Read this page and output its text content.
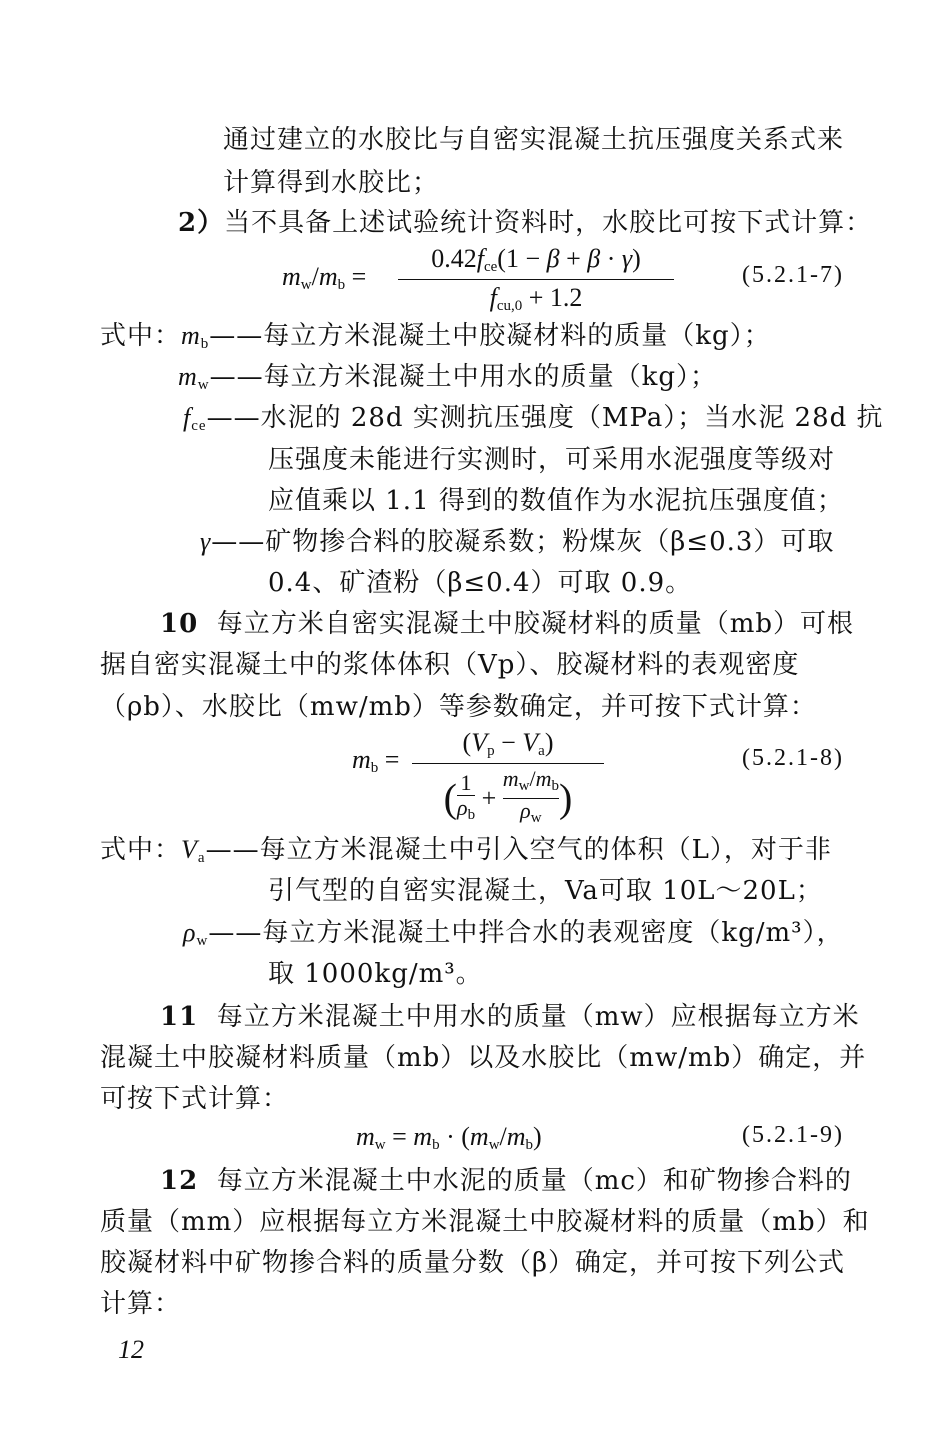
通过建立的水胶比与自密实混凝土抗压强度关系式来
计算得到水胶比；
2）当不具备上述试验统计资料时，水胶比可按下式计算：
$m_w/m_b$ =
$0.42f_{ce}(1 - \beta + \beta \cdot \gamma)$
$f_{cu,0} + 1.2$
(5.2.1-7)
式中：$m_b——$每立方米混凝土中胶凝材料的质量（kg）；
$m_w——$每立方米混凝土中用水的质量（kg）；
$f_{ce}——$水泥的 28d 实测抗压强度（MPa）；当水泥 28d 抗
压强度未能进行实测时，可采用水泥强度等级对
应值乘以 1.1 得到的数值作为水泥抗压强度值；
γ——矿物掺合料的胶凝系数；粉煤灰（β≤0.3）可取
0.4、矿渣粉（β≤0.4）可取 0.9。
10 每立方米自密实混凝土中胶凝材料的质量（mb）可根
据自密实混凝土中的浆体体积（Vp）、胶凝材料的表观密度
（ρb）、水胶比（mw/mb）等参数确定，并可按下式计算：
$m_b$ =
$(V_p - V_a)$
$(\frac{1}{\rho_b} + \frac{m_w/m_b}{\rho_w})$
(5.2.1-8)
式中：$V_a——$每立方米混凝土中引入空气的体积（L），对于非
引气型的自密实混凝土，Va可取 10L～20L；
$\rho_w——$每立方米混凝土中拌合水的表观密度（kg/m³），
取 1000kg/m³。
11 每立方米混凝土中用水的质量（mw）应根据每立方米
混凝土中胶凝材料质量（mb）以及水胶比（mw/mb）确定，并
可按下式计算：
$m_w = m_b \cdot (m_w/m_b)$	(5.2.1-9)
12 每立方米混凝土中水泥的质量（mc）和矿物掺合料的
质量（mm）应根据每立方米混凝土中胶凝材料的质量（mb）和
胶凝材料中矿物掺合料的质量分数（β）确定，并可按下列公式
计算：
12
